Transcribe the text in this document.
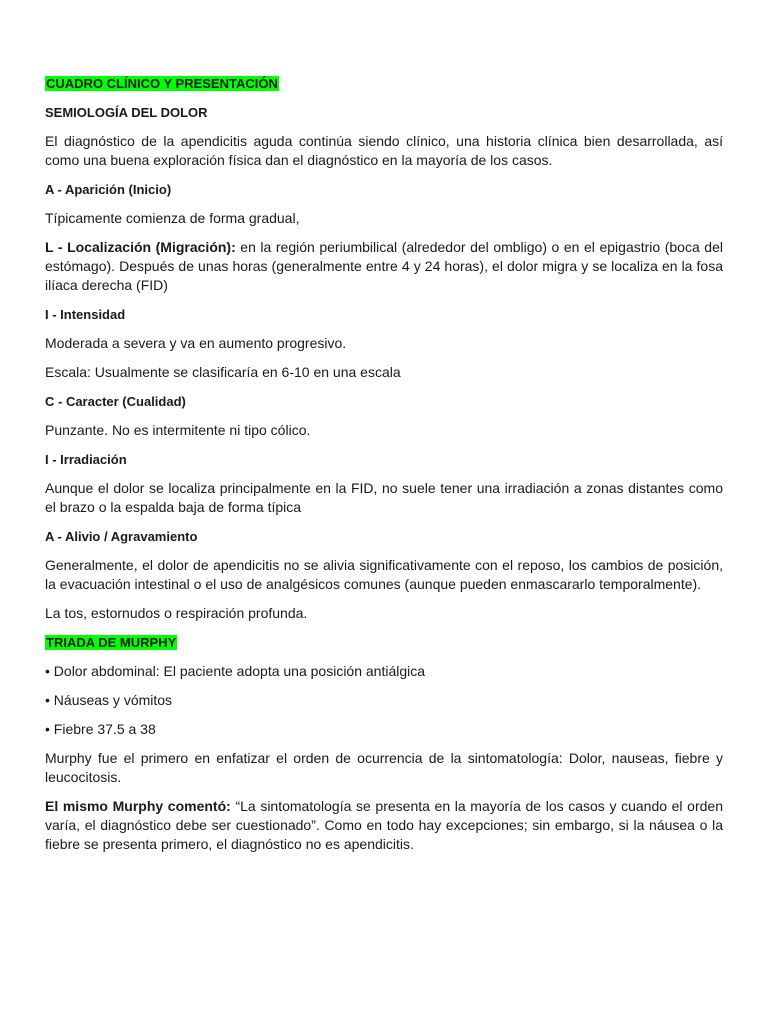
CUADRO CLÍNICO Y PRESENTACIÓN
SEMIOLOGÍA DEL DOLOR

El diagnóstico de la apendicitis aguda continúa siendo clínico, una historia clínica bien desarrollada, así como una buena exploración física dan el diagnóstico en la mayoría de los casos.

A - Aparición (Inicio)

Típicamente comienza de forma gradual,

L - Localización (Migración): en la región periumbilical (alrededor del ombligo) o en el epigastrio (boca del estómago). Después de unas horas (generalmente entre 4 y 24 horas), el dolor migra y se localiza en la fosa ilíaca derecha (FID)

I - Intensidad

Moderada a severa y va en aumento progresivo.

Escala: Usualmente se clasificaría en 6-10 en una escala

C - Caracter (Cualidad)

Punzante. No es intermitente ni tipo cólico.

I - Irradiación

Aunque el dolor se localiza principalmente en la FID, no suele tener una irradiación a zonas distantes como el brazo o la espalda baja de forma típica

A - Alivio / Agravamiento

Generalmente, el dolor de apendicitis no se alivia significativamente con el reposo, los cambios de posición, la evacuación intestinal o el uso de analgésicos comunes (aunque pueden enmascararlo temporalmente).

La tos, estornudos o respiración profunda.

TRIADA DE MURPHY
• Dolor abdominal: El paciente adopta una posición antiálgica
• Náuseas y vómitos
• Fiebre 37.5 a 38

Murphy fue el primero en enfatizar el orden de ocurrencia de la sintomatología: Dolor, nauseas, fiebre y leucocitosis.

El mismo Murphy comentó: “La sintomatología se presenta en la mayoría de los casos y cuando el orden varía, el diagnóstico debe ser cuestionado”. Como en todo hay excepciones; sin embargo, si la náusea o la fiebre se presenta primero, el diagnóstico no es apendicitis.
